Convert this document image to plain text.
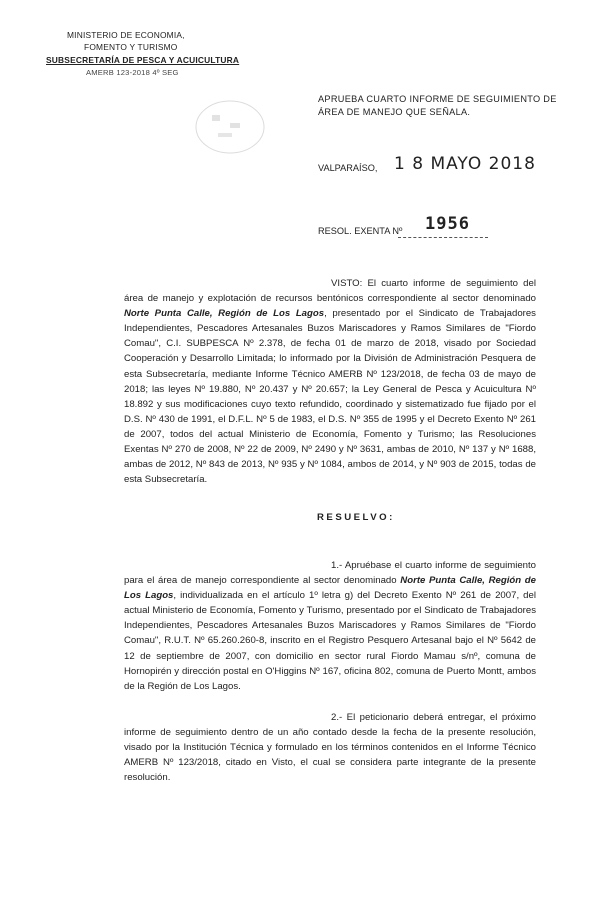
MINISTERIO DE ECONOMIA,
FOMENTO Y TURISMO
SUBSECRETARÍA DE PESCA Y ACUICULTURA
AMERB 123-2018 4º SEG
APRUEBA CUARTO INFORME DE SEGUIMIENTO DE ÁREA DE MANEJO QUE SEÑALA.
VALPARAÍSO, 1 8 MAYO 2018
RESOL. EXENTA Nº 1956
VISTO: El cuarto informe de seguimiento del área de manejo y explotación de recursos bentónicos correspondiente al sector denominado Norte Punta Calle, Región de Los Lagos, presentado por el Sindicato de Trabajadores Independientes, Pescadores Artesanales Buzos Mariscadores y Ramos Similares de "Fiordo Comau", C.I. SUBPESCA Nº 2.378, de fecha 01 de marzo de 2018, visado por Sociedad Cooperación y Desarrollo Limitada; lo informado por la División de Administración Pesquera de esta Subsecretaría, mediante Informe Técnico AMERB Nº 123/2018, de fecha 03 de mayo de 2018; las leyes Nº 19.880, Nº 20.437 y Nº 20.657; la Ley General de Pesca y Acuicultura Nº 18.892 y sus modificaciones cuyo texto refundido, coordinado y sistematizado fue fijado por el D.S. Nº 430 de 1991, el D.F.L. Nº 5 de 1983, el D.S. Nº 355 de 1995 y el Decreto Exento Nº 261 de 2007, todos del actual Ministerio de Economía, Fomento y Turismo; las Resoluciones Exentas Nº 270 de 2008, Nº 22 de 2009, Nº 2490 y Nº 3631, ambas de 2010, Nº 137 y Nº 1688, ambas de 2012, Nº 843 de 2013, Nº 935 y Nº 1084, ambos de 2014, y Nº 903 de 2015, todas de esta Subsecretaría.
RESUELVO:
1.- Apruébase el cuarto informe de seguimiento para el área de manejo correspondiente al sector denominado Norte Punta Calle, Región de Los Lagos, individualizada en el artículo 1º letra g) del Decreto Exento Nº 261 de 2007, del actual Ministerio de Economía, Fomento y Turismo, presentado por el Sindicato de Trabajadores Independientes, Pescadores Artesanales Buzos Mariscadores y Ramos Similares de "Fiordo Comau", R.U.T. Nº 65.260.260-8, inscrito en el Registro Pesquero Artesanal bajo el Nº 5642 de 12 de septiembre de 2007, con domicilio en sector rural Fiordo Mamau s/nº, comuna de Hornopirén y dirección postal en O'Higgins Nº 167, oficina 802, comuna de Puerto Montt, ambos de la Región de Los Lagos.
2.- El peticionario deberá entregar, el próximo informe de seguimiento dentro de un año contado desde la fecha de la presente resolución, visado por la Institución Técnica y formulado en los términos contenidos en el Informe Técnico AMERB Nº 123/2018, citado en Visto, el cual se considera parte integrante de la presente resolución.
